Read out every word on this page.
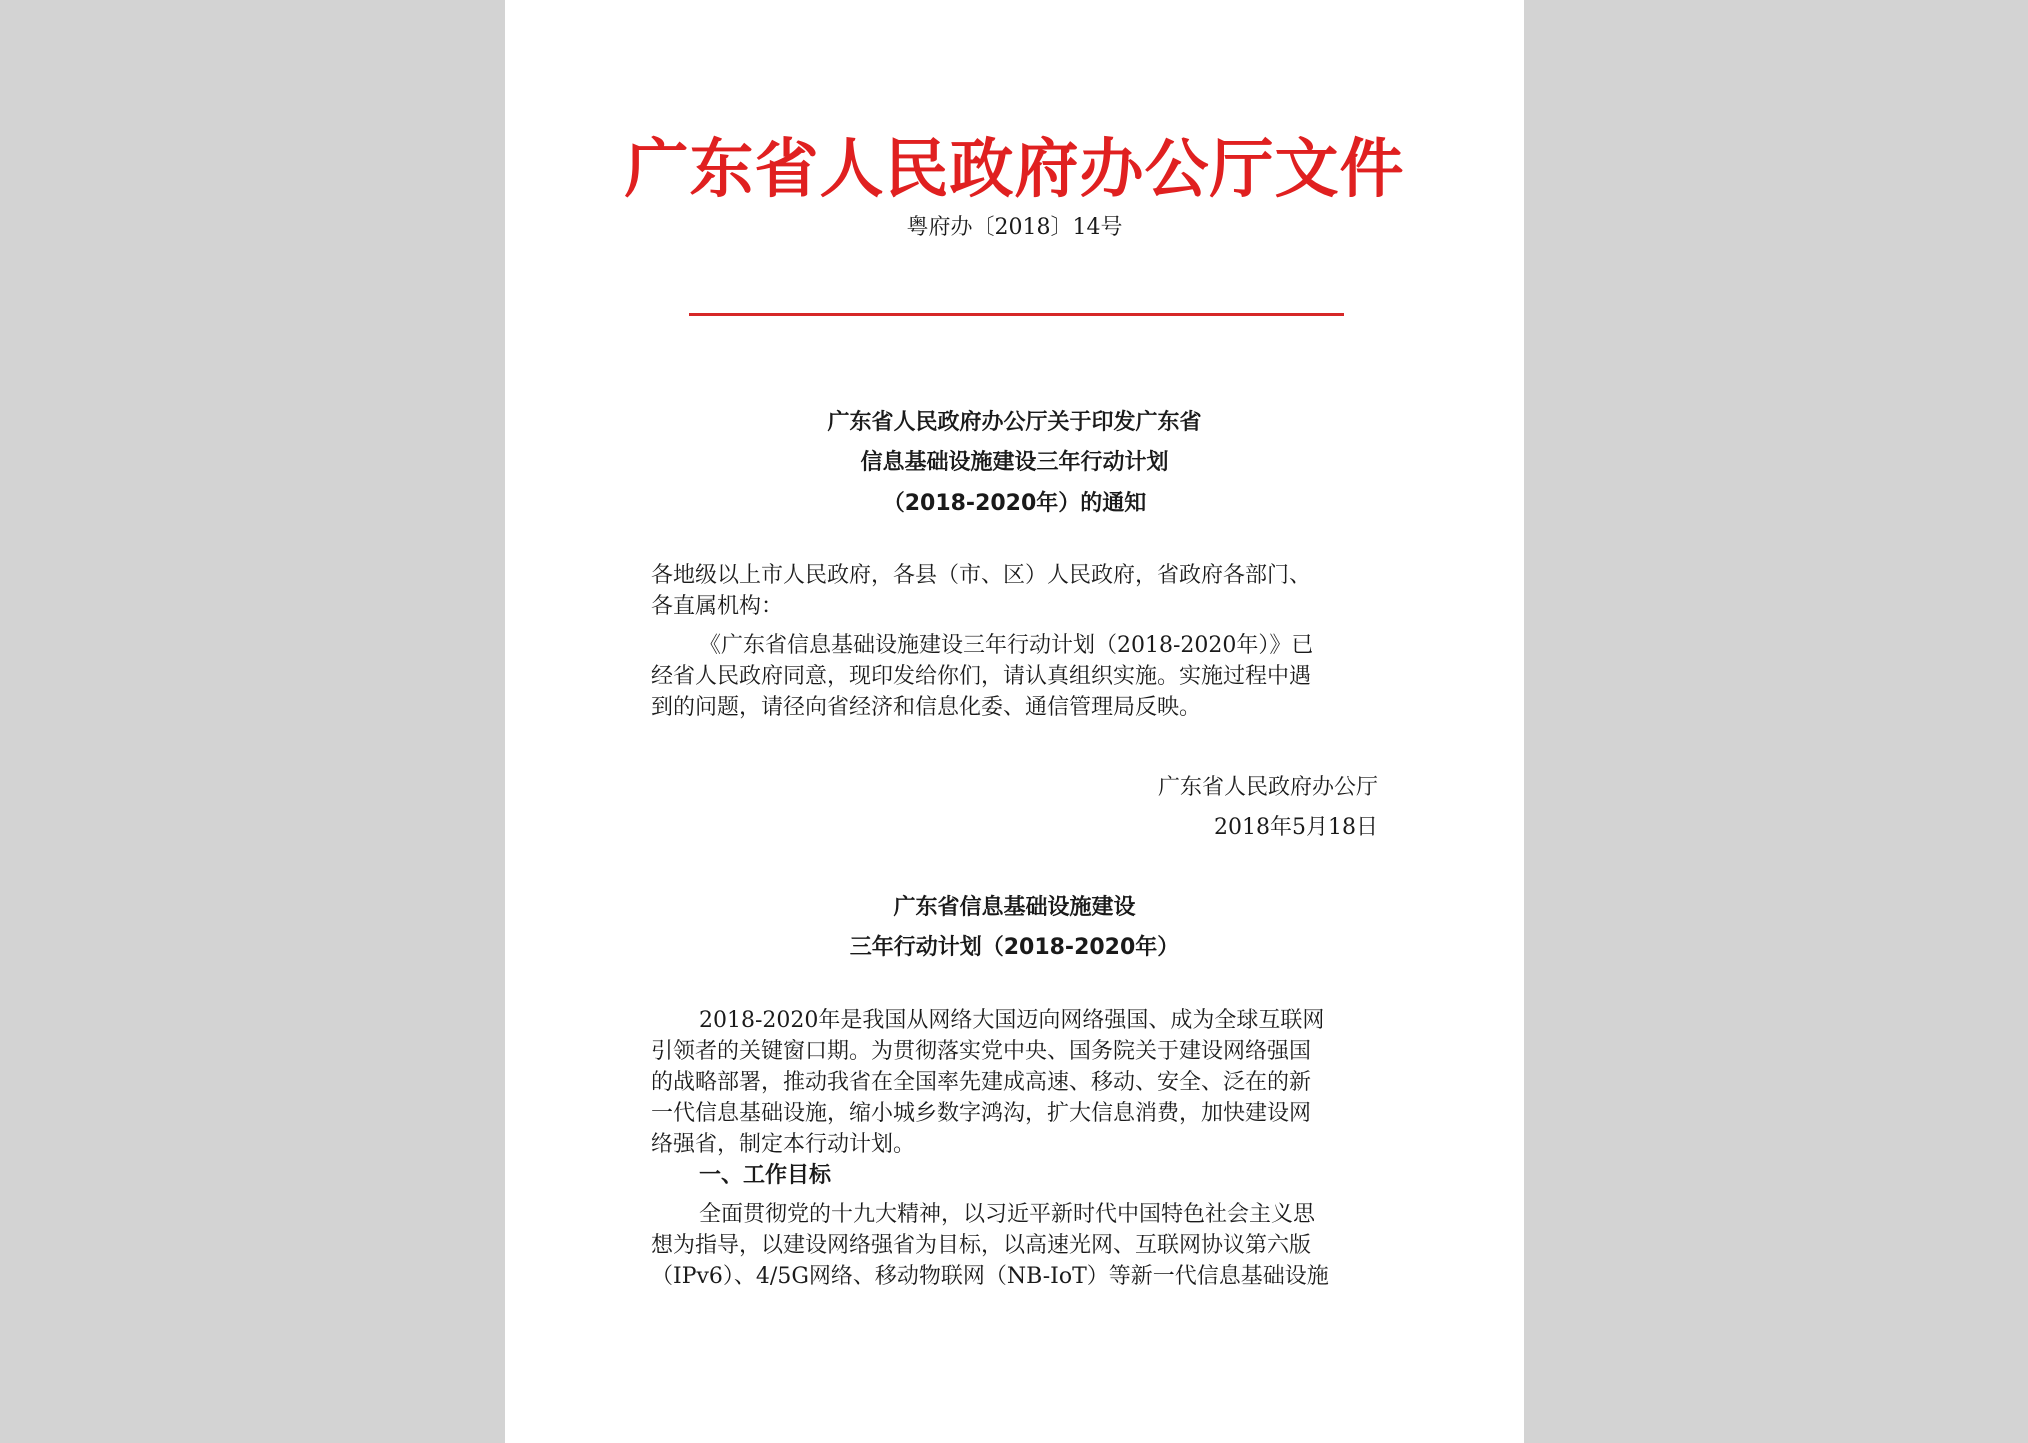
广东省人民政府办公厅文件
粤府办〔2018〕14号
广东省人民政府办公厅关于印发广东省
信息基础设施建设三年行动计划
（2018-2020年）的通知
各地级以上市人民政府，各县（市、区）人民政府，省政府各部门、
各直属机构：
《广东省信息基础设施建设三年行动计划（2018-2020年）》已
经省人民政府同意，现印发给你们，请认真组织实施。实施过程中遇
到的问题，请径向省经济和信息化委、通信管理局反映。
广东省人民政府办公厅
2018年5月18日
广东省信息基础设施建设
三年行动计划（2018-2020年）
2018-2020年是我国从网络大国迈向网络强国、成为全球互联网
引领者的关键窗口期。为贯彻落实党中央、国务院关于建设网络强国
的战略部署，推动我省在全国率先建成高速、移动、安全、泛在的新
一代信息基础设施，缩小城乡数字鸿沟，扩大信息消费，加快建设网
络强省，制定本行动计划。
一、工作目标
全面贯彻党的十九大精神，以习近平新时代中国特色社会主义思
想为指导，以建设网络强省为目标，以高速光网、互联网协议第六版
（IPv6）、4/5G网络、移动物联网（NB-IoT）等新一代信息基础设施
